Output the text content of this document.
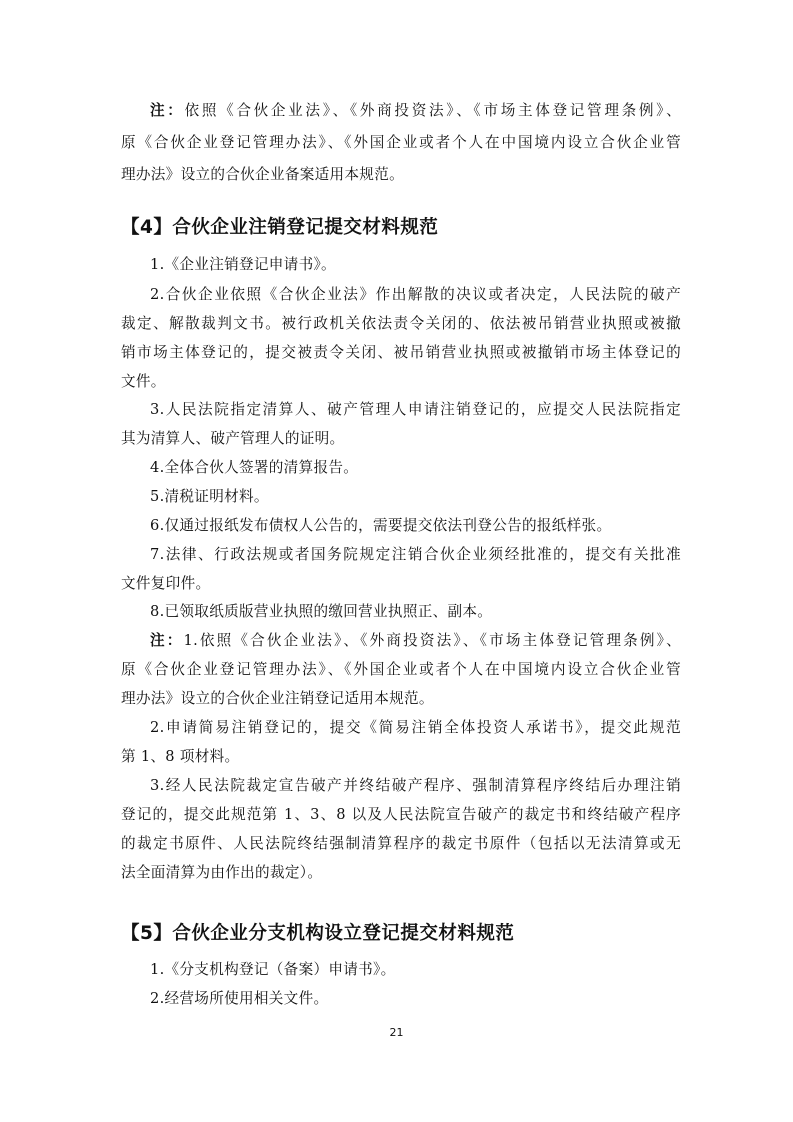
注：依照《合伙企业法》、《外商投资法》、《市场主体登记管理条例》、
原《合伙企业登记管理办法》、《外国企业或者个人在中国境内设立合伙企业管
理办法》设立的合伙企业备案适用本规范。
【4】合伙企业注销登记提交材料规范
1.《企业注销登记申请书》。
2.合伙企业依照《合伙企业法》作出解散的决议或者决定，人民法院的破产
裁定、解散裁判文书。被行政机关依法责令关闭的、依法被吊销营业执照或被撤
销市场主体登记的，提交被责令关闭、被吊销营业执照或被撤销市场主体登记的
文件。
3.人民法院指定清算人、破产管理人申请注销登记的，应提交人民法院指定
其为清算人、破产管理人的证明。
4.全体合伙人签署的清算报告。
5.清税证明材料。
6.仅通过报纸发布债权人公告的，需要提交依法刊登公告的报纸样张。
7.法律、行政法规或者国务院规定注销合伙企业须经批准的，提交有关批准
文件复印件。
8.已领取纸质版营业执照的缴回营业执照正、副本。
注：1.依照《合伙企业法》、《外商投资法》、《市场主体登记管理条例》、
原《合伙企业登记管理办法》、《外国企业或者个人在中国境内设立合伙企业管
理办法》设立的合伙企业注销登记适用本规范。
2.申请简易注销登记的，提交《简易注销全体投资人承诺书》，提交此规范
第 1、8 项材料。
3.经人民法院裁定宣告破产并终结破产程序、强制清算程序终结后办理注销
登记的，提交此规范第 1、3、8 以及人民法院宣告破产的裁定书和终结破产程序
的裁定书原件、人民法院终结强制清算程序的裁定书原件（包括以无法清算或无
法全面清算为由作出的裁定）。
【5】合伙企业分支机构设立登记提交材料规范
1.《分支机构登记（备案）申请书》。
2.经营场所使用相关文件。
21
